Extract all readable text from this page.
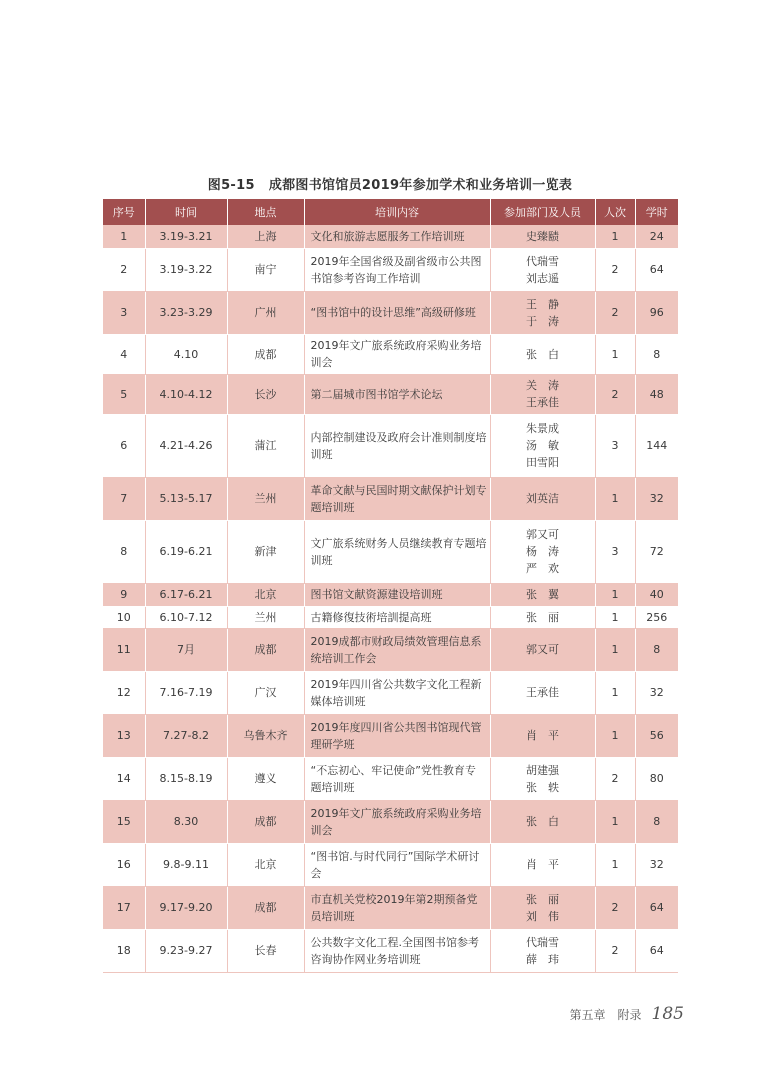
图5-15 成都图书馆馆员2019年参加学术和业务培训一览表
序号	时间	地点	培训内容	参加部门及人员	人次	学时
1	3.19-3.21	上海	文化和旅游志愿服务工作培训班	史臻赜	1	24
2	3.19-3.22	南宁	2019年全国省级及副省级市公共图书馆参考咨询工作培训	代瑞雪
刘志遥	2	64
3	3.23-3.29	广州	“图书馆中的设计思维”高级研修班	王　静
于　涛	2	96
4	4.10	成都	2019年文广旅系统政府采购业务培训会	张　白	1	8
5	4.10-4.12	长沙	第二届城市图书馆学术论坛	关　涛
王承佳	2	48
6	4.21-4.26	蒲江	内部控制建设及政府会计准则制度培训班	朱景成
汤　敏
田雪阳	3	144
7	5.13-5.17	兰州	革命文献与民国时期文献保护计划专题培训班	刘英洁	1	32
8	6.19-6.21	新津	文广旅系统财务人员继续教育专题培训班	郭又可
杨　涛
严　欢	3	72
9	6.17-6.21	北京	图书馆文献资源建设培训班	张　翼	1	40
10	6.10-7.12	兰州	古籍修復技術培訓提高班	张　丽	1	256
11	7月	成都	2019成都市财政局绩效管理信息系统培训工作会	郭又可	1	8
12	7.16-7.19	广汉	2019年四川省公共数字文化工程新媒体培训班	王承佳	1	32
13	7.27-8.2	乌鲁木齐	2019年度四川省公共图书馆现代管理研学班	肖　平	1	56
14	8.15-8.19	遵义	“不忘初心、牢记使命”党性教育专题培训班	胡建强
张　轶	2	80
15	8.30	成都	2019年文广旅系统政府采购业务培训会	张　白	1	8
16	9.8-9.11	北京	“图书馆.与时代同行”国际学术研讨会	肖　平	1	32
17	9.17-9.20	成都	市直机关党校2019年第2期预备党员培训班	张　丽
刘　伟	2	64
18	9.23-9.27	长春	公共数字文化工程.全国图书馆参考咨询协作网业务培训班	代瑞雪
薛　玮	2	64
第五章 附录 185
